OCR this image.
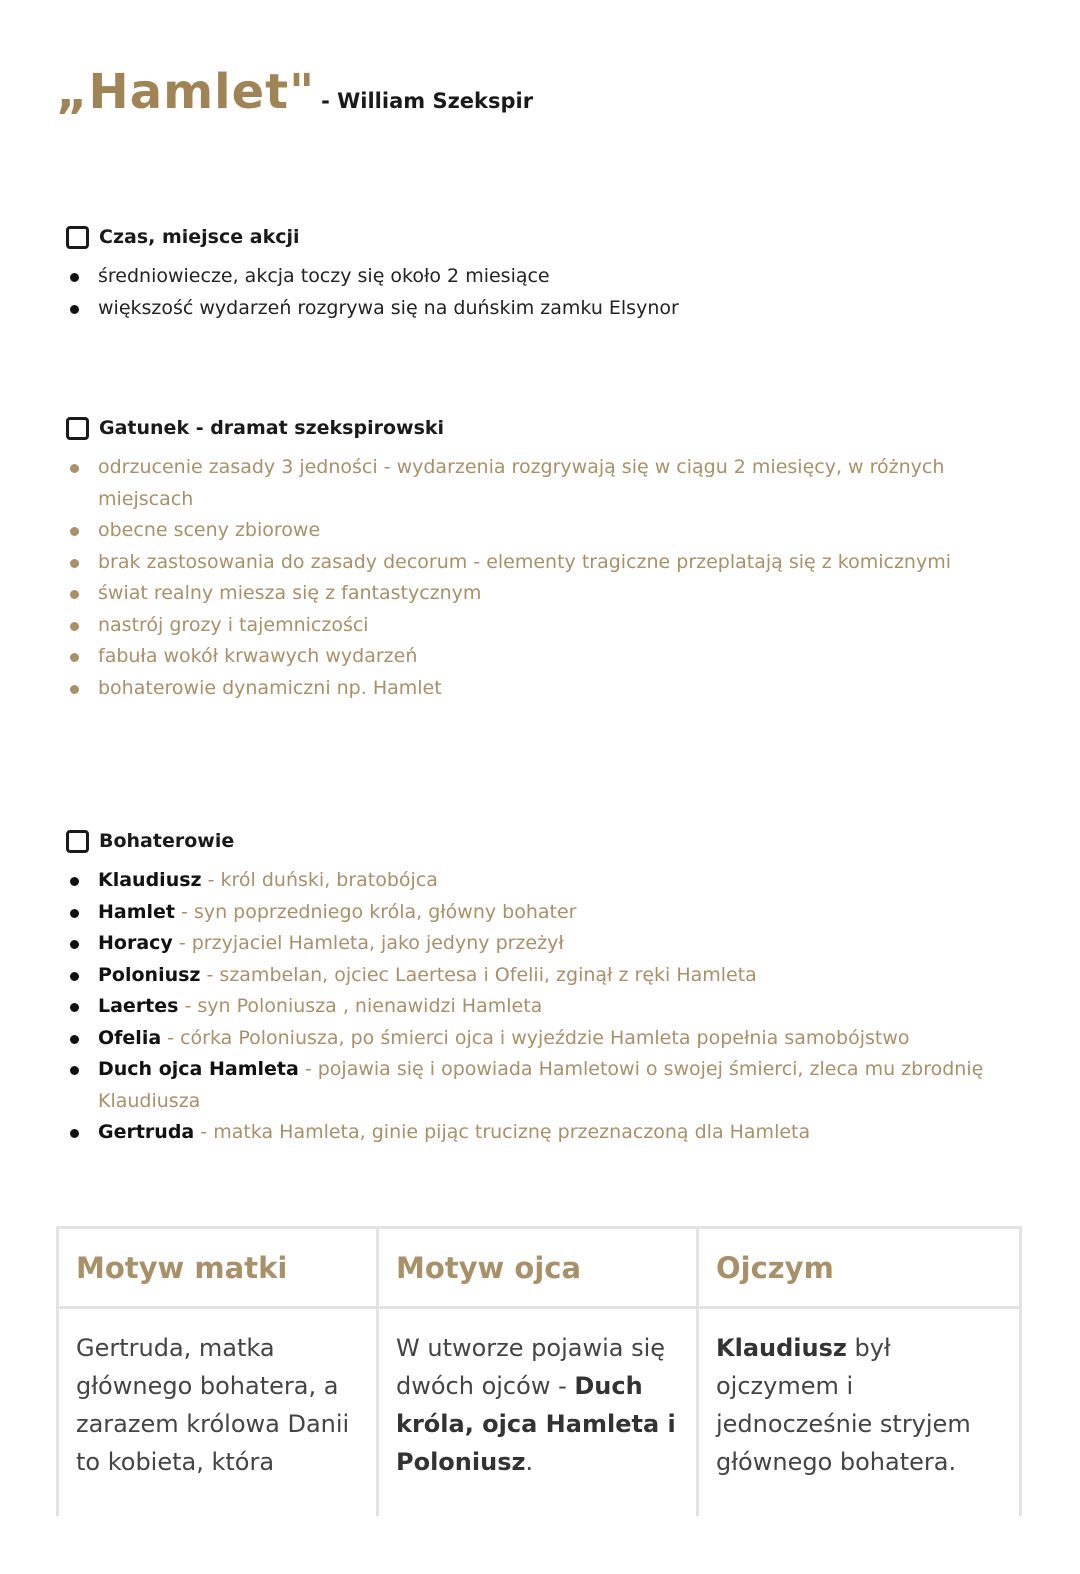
„Hamlet" - William Szekspir
Czas, miejsce akcji
średniowiecze, akcja toczy się około 2 miesiące
większość wydarzeń rozgrywa się na duńskim zamku Elsynor
Gatunek - dramat szekspirowski
odrzucenie zasady 3 jedności - wydarzenia rozgrywają się w ciągu 2 miesięcy, w różnych miejscach
obecne sceny zbiorowe
brak zastosowania do zasady decorum - elementy tragiczne przeplatają się z komicznymi
świat realny miesza się z fantastycznym
nastrój grozy i tajemniczości
fabuła wokół krwawych wydarzeń
bohaterowie dynamiczni np. Hamlet
Bohaterowie
Klaudiusz - król duński, bratobójca
Hamlet - syn poprzedniego króla, główny bohater
Horacy - przyjaciel Hamleta, jako jedyny przeżył
Poloniusz - szambelan, ojciec Laertesa i Ofelii, zginął z ręki Hamleta
Laertes - syn Poloniusza , nienawidzi Hamleta
Ofelia - córka Poloniusza, po śmierci ojca i wyjeździe Hamleta popełnia samobójstwo
Duch ojca Hamleta - pojawia się i opowiada Hamletowi o swojej śmierci, zleca mu zbrodnię Klaudiusza
Gertruda - matka Hamleta, ginie pijąc truciznę przeznaczoną dla Hamleta
Motyw matki
Gertruda, matka głównego bohatera, a zarazem królowa Danii to kobieta, która
Motyw ojca
W utworze pojawia się dwóch ojców - Duch króla, ojca Hamleta i Poloniusz.
Ojczym
Klaudiusz był ojczymem i jednocześnie stryjem głównego bohatera.
